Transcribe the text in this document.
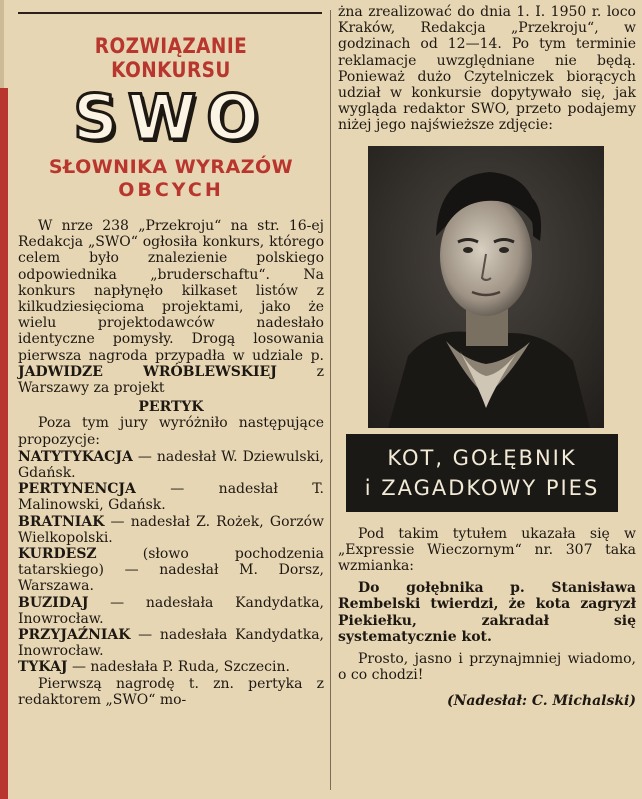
ROZWIĄZANIE KONKURSU
SWO
SŁOWNIKA WYRAZÓW
OBCYCH
W nrze 238 „Przekroju“ na str. 16-ej Redakcja „SWO“ ogłosiła konkurs, którego celem było znalezienie polskiego odpowiednika „bruderschaftu“. Na konkurs napłynęło kilkaset listów z kilkudziesięcioma projektami, jako że wielu projektodawców nadesłało identyczne pomysły. Drogą losowania pierwsza nagroda przypadła w udziale p. JADWIDZE WRÓBLEWSKIEJ	z Warszawy za projekt
PERTYK
Poza tym jury wyróżniło następujące propozycje:
NATYTYKACJA — nadesłał W. Dziewulski, Gdańsk.
PERTYNENCJA — nadesłał T. Malinowski, Gdańsk.
BRATNIAK — nadesłał Z. Rożek, Gorzów Wielkopolski.
KURDESZ	(słowo pochodzenia tatarskiego) — nadesłał M. Dorsz, Warszawa.
BUZIDAJ — nadesłała Kandydatka, Inowrocław.
PRZYJAŹNIAK — nadesłała Kandydatka, Inowrocław.
TYKAJ — nadesłała P. Ruda, Szczecin.
Pierwszą nagrodę t. zn. pertyka z redaktorem „SWO“ mo-
żna zrealizować do dnia 1. I. 1950 r. loco Kraków, Redakcja „Przekroju“, w godzinach od 12—14. Po tym terminie reklamacje uwzględniane nie będą. Ponieważ dużo Czytelniczek biorących udział w konkursie dopytywało się, jak wygląda redaktor SWO, przeto podajemy niżej jego najświeższe zdjęcie:
KOT, GOŁĘBNIK
i ZAGADKOWY PIES
Pod takim tytułem ukazała się w „Expressie Wieczornym“ nr. 307 taka wzmianka:
Do gołębnika p. Stanisława Rembelski twierdzi, że kota zagryzł Piekiełku, zakradał się systematycznie kot.
Prosto, jasno i przynajmniej wiadomo, o co chodzi!
(Nadesłał: C. Michalski)
